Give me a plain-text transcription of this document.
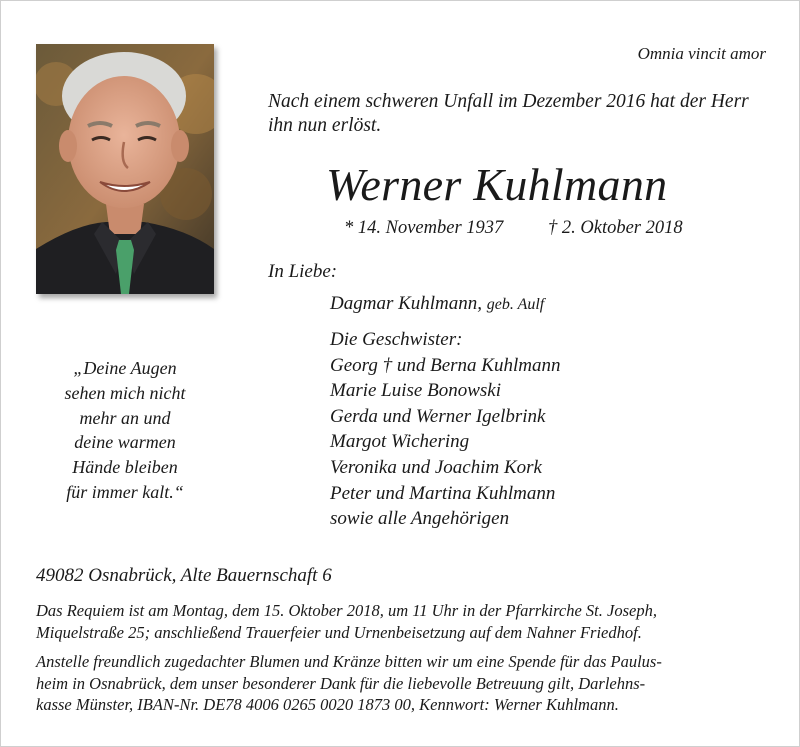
Omnia vincit amor
Nach einem schweren Unfall im Dezember 2016 hat der Herr ihn nun erlöst.
Werner Kuhlmann
* 14. November 1937 † 2. Oktober 2018
In Liebe:
Dagmar Kuhlmann, geb. Aulf
Die Geschwister:
Georg † und Berna Kuhlmann
Marie Luise Bonowski
Gerda und Werner Igelbrink
Margot Wichering
Veronika und Joachim Kork
Peter und Martina Kuhlmann
sowie alle Angehörigen
„Deine Augen
sehen mich nicht
mehr an und
deine warmen
Hände bleiben
für immer kalt.“
49082 Osnabrück, Alte Bauernschaft 6
Das Requiem ist am Montag, dem 15. Oktober 2018, um 11 Uhr in der Pfarrkirche St. Joseph,
Miquelstraße 25; anschließend Trauerfeier und Urnenbeisetzung auf dem Nahner Friedhof.
Anstelle freundlich zugedachter Blumen und Kränze bitten wir um eine Spende für das Paulus-
heim in Osnabrück, dem unser besonderer Dank für die liebevolle Betreuung gilt, Darlehns-
kasse Münster, IBAN-Nr. DE78 4006 0265 0020 1873 00, Kennwort: Werner Kuhlmann.
